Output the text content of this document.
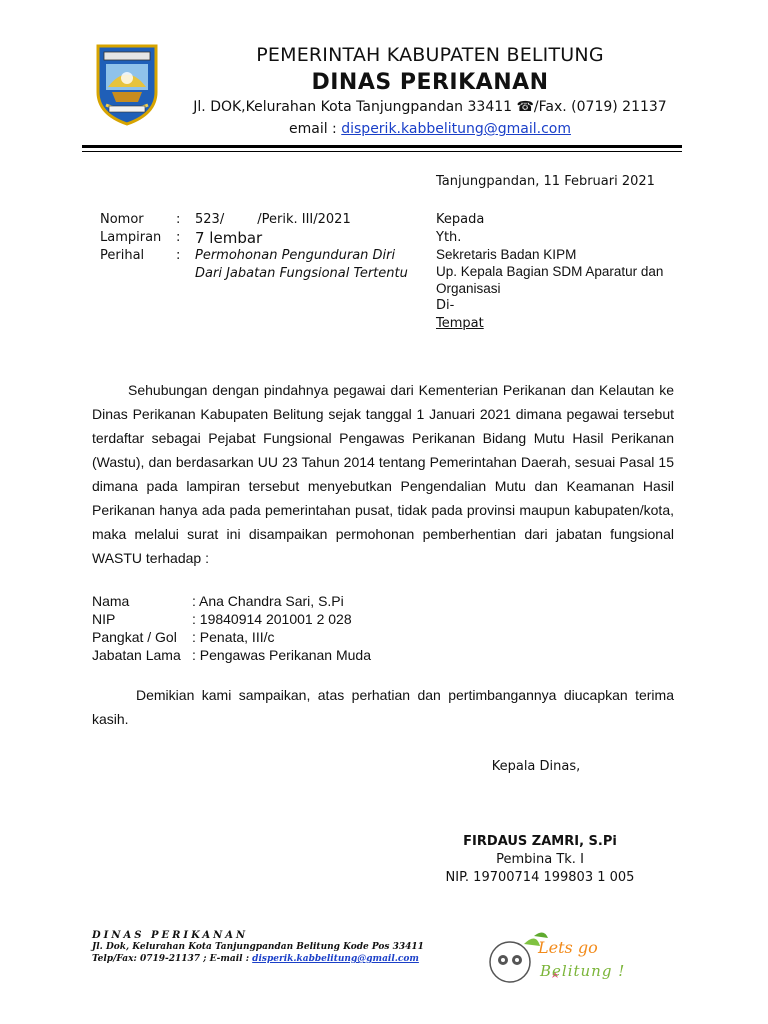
PEMERINTAH KABUPATEN BELITUNG
DINAS PERIKANAN
Jl. DOK,Kelurahan Kota Tanjungpandan 33411 ☎/Fax. (0719) 21137
email : disperik.kabbelitung@gmail.com
Tanjungpandan, 11 Februari 2021
Nomor : 523/        /Perik. III/2021
Lampiran : 7 lembar
Perihal : Permohonan Pengunduran Diri
Dari Jabatan Fungsional Tertentu
Kepada
Yth.
Sekretaris Badan KIPM
Up. Kepala Bagian SDM Aparatur dan
Organisasi
Di-
Tempat
Sehubungan dengan pindahnya pegawai dari Kementerian Perikanan dan Kelautan ke Dinas Perikanan Kabupaten Belitung sejak tanggal 1 Januari 2021 dimana pegawai tersebut terdaftar sebagai Pejabat Fungsional Pengawas Perikanan Bidang Mutu Hasil Perikanan (Wastu), dan berdasarkan UU 23 Tahun 2014 tentang Pemerintahan Daerah, sesuai Pasal 15 dimana pada lampiran tersebut menyebutkan Pengendalian Mutu dan Keamanan Hasil Perikanan hanya ada pada pemerintahan pusat, tidak pada provinsi maupun kabupaten/kota, maka melalui surat ini disampaikan permohonan pemberhentian dari jabatan fungsional WASTU terhadap :
Nama	: Ana Chandra Sari, S.Pi
NIP	: 19840914 201001 2 028
Pangkat / Gol : Penata, III/c
Jabatan Lama : Pengawas Perikanan Muda
Demikian kami sampaikan, atas perhatian dan pertimbangannya diucapkan terima kasih.
Kepala Dinas,
FIRDAUS ZAMRI, S.Pi
Pembina Tk. I
NIP. 19700714 199803 1 005
DINAS PERIKANAN
Jl. Dok, Kelurahan Kota Tanjungpandan Belitung Kode Pos 33411
Telp/Fax: 0719-21137 ; E-mail : disperik.kabbelitung@gmail.com
Lets go
Belitung !
